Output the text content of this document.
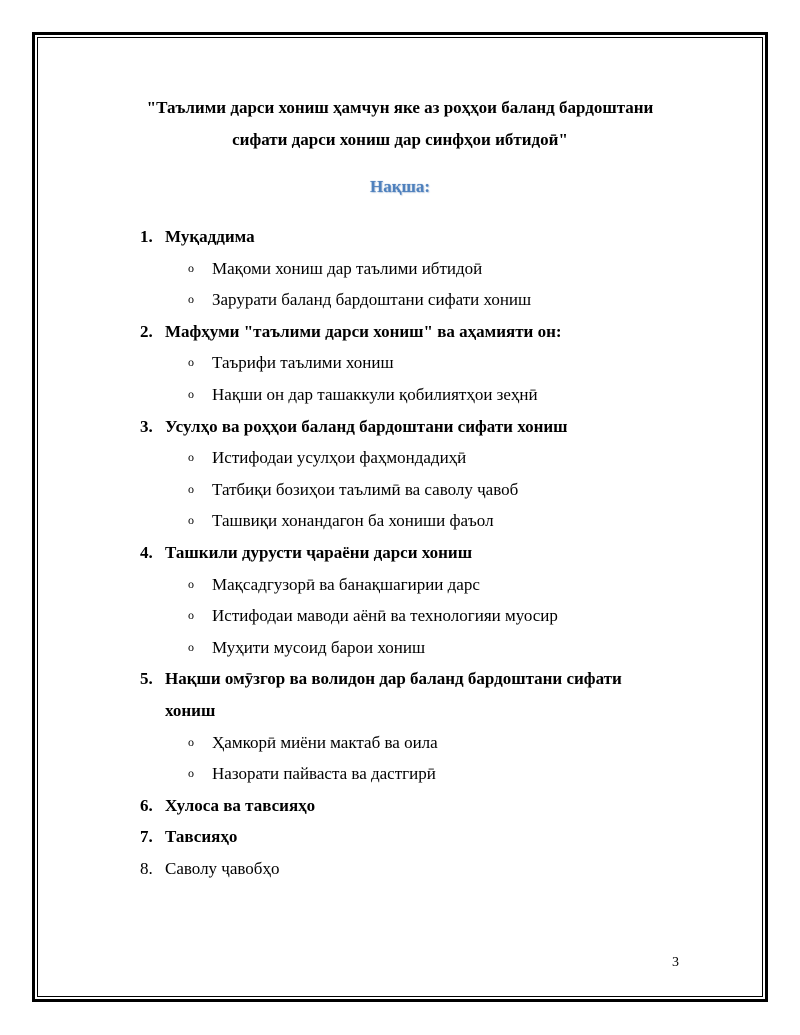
"Таълими дарси хониш ҳамчун яке аз роҳҳои баланд бардоштани
сифати дарси хониш дар синфҳои ибтидоӣ"
Нақша:
1. Муқаддима
o Мақоми хониш дар таълими ибтидоӣ
o Зарурати баланд бардоштани сифати хониш
2. Мафҳуми "таълими дарси хониш" ва аҳамияти он:
o Таърифи таълими хониш
o Нақши он дар ташаккули қобилиятҳои зеҳнӣ
3. Усулҳо ва роҳҳои баланд бардоштани сифати хониш
o Истифодаи усулҳои фаҳмондадиҳӣ
o Татбиқи бозиҳои таълимӣ ва саволу ҷавоб
o Ташвиқи хонандагон ба хониши фаъол
4. Ташкили дурусти ҷараёни дарси хониш
o Мақсадгузорӣ ва банақшагирии дарс
o Истифодаи маводи аёнӣ ва технологияи муосир
o Муҳити мусоид барои хониш
5. Нақши омӯзгор ва волидон дар баланд бардоштани сифати хониш
o Ҳамкорӣ миёни мактаб ва оила
o Назорати пайваста ва дастгирӣ
6. Хулоса ва тавсияҳо
7. Тавсияҳо
8. Саволу ҷавобҳо
3
